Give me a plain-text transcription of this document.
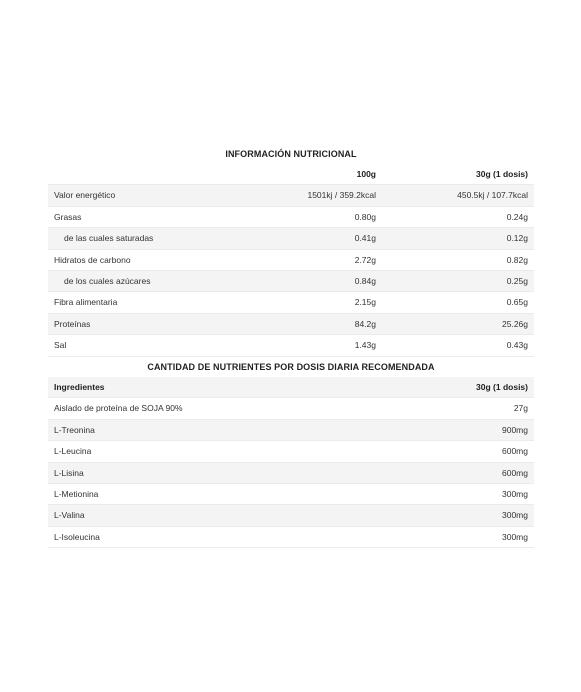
INFORMACIÓN NUTRICIONAL
	100g	30g (1 dosis)
Valor energético	1501kj / 359.2kcal	450.5kj / 107.7kcal
Grasas	0.80g	0.24g
de las cuales saturadas	0.41g	0.12g
Hidratos de carbono	2.72g	0.82g
de los cuales azúcares	0.84g	0.25g
Fibra alimentaria	2.15g	0.65g
Proteínas	84.2g	25.26g
Sal	1.43g	0.43g
CANTIDAD DE NUTRIENTES POR DOSIS DIARIA RECOMENDADA
Ingredientes	30g (1 dosis)
Aislado de proteína de SOJA 90%	27g
L-Treonina	900mg
L-Leucina	600mg
L-Lisina	600mg
L-Metionina	300mg
L-Valina	300mg
L-Isoleucina	300mg
